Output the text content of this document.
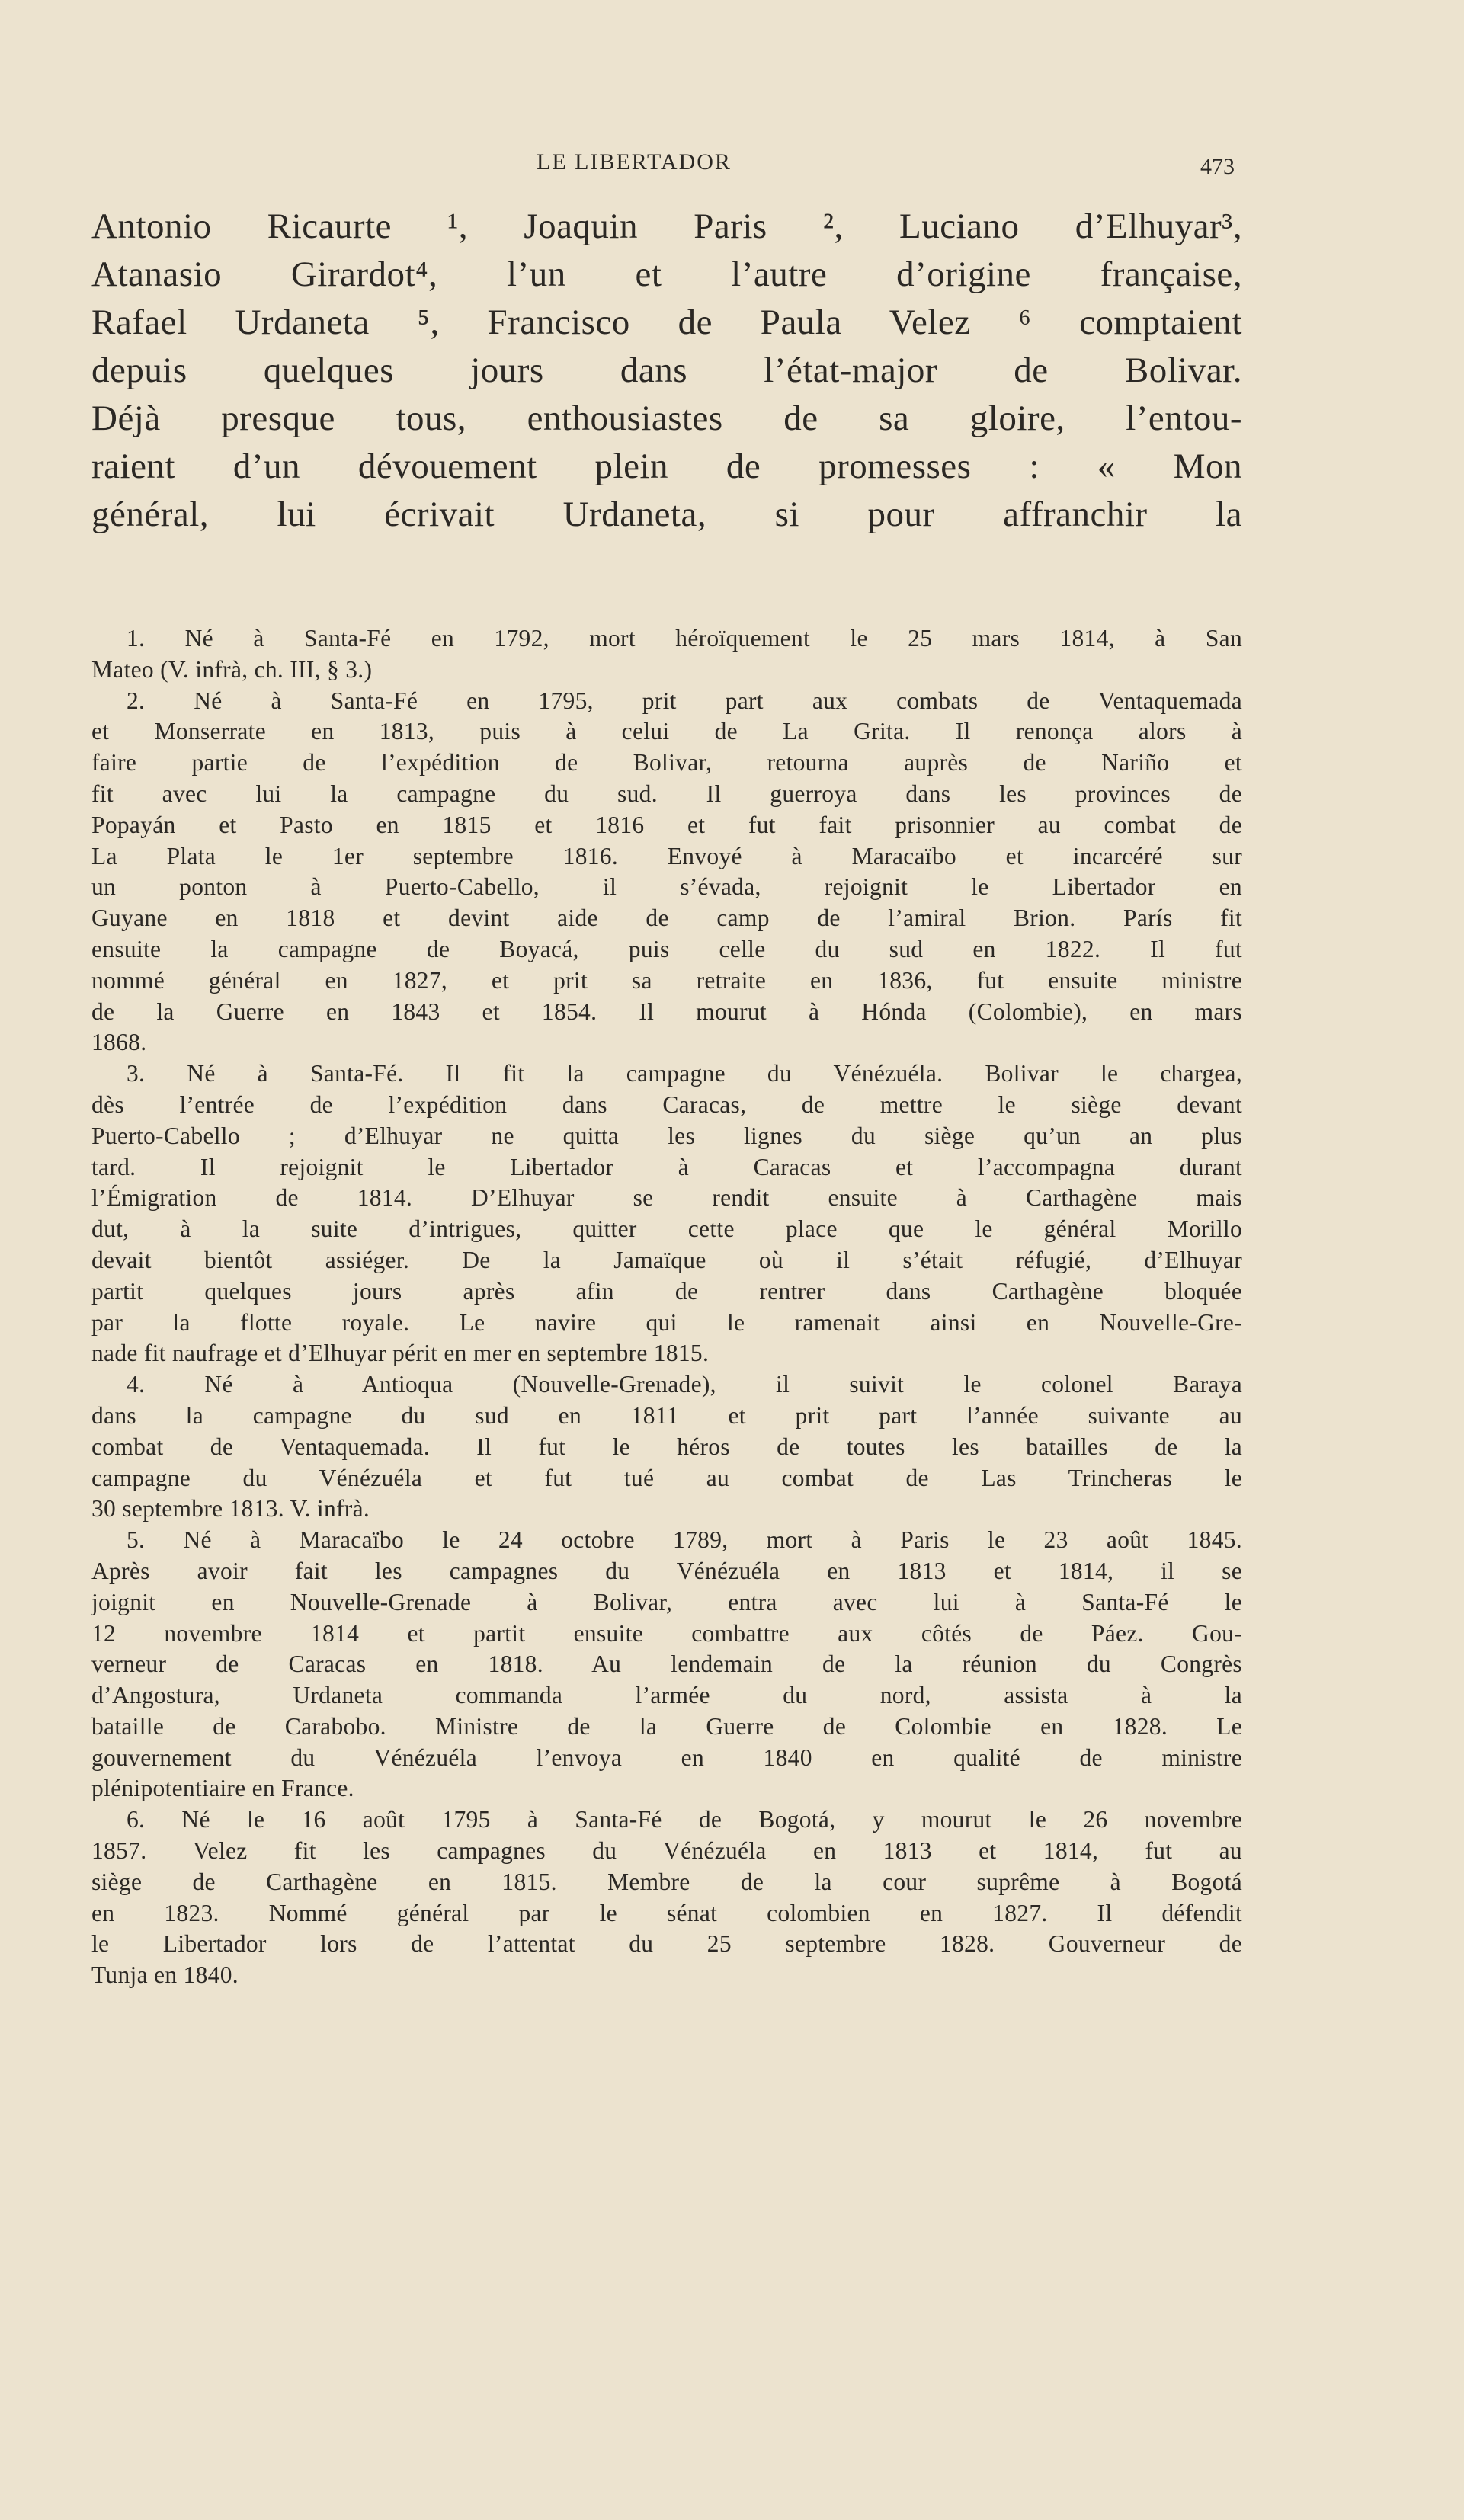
LE LIBERTADOR	473
Antonio Ricaurte ¹, Joaquin Paris ², Luciano d’Elhuyar³,
Atanasio Girardot⁴, l’un et l’autre d’origine française,
Rafael Urdaneta ⁵, Francisco de Paula Velez ⁶ comptaient
depuis quelques jours dans l’état-major de Bolivar.
Déjà presque tous, enthousiastes de sa gloire, l’entou-
raient d’un dévouement plein de promesses : « Mon
général, lui écrivait Urdaneta, si pour affranchir la
1. Né à Santa-Fé en 1792, mort héroïquement le 25 mars 1814, à San
Mateo (V. infrà, ch. III, § 3.)
2. Né à Santa-Fé en 1795, prit part aux combats de Ventaquemada
et Monserrate en 1813, puis à celui de La Grita. Il renonça alors à
faire partie de l’expédition de Bolivar, retourna auprès de Nariño et
fit avec lui la campagne du sud. Il guerroya dans les provinces de
Popayán et Pasto en 1815 et 1816 et fut fait prisonnier au combat de
La Plata le 1er septembre 1816. Envoyé à Maracaïbo et incarcéré sur
un ponton à Puerto-Cabello, il s’évada, rejoignit le Libertador en
Guyane en 1818 et devint aide de camp de l’amiral Brion. París fit
ensuite la campagne de Boyacá, puis celle du sud en 1822. Il fut
nommé général en 1827, et prit sa retraite en 1836, fut ensuite ministre
de la Guerre en 1843 et 1854. Il mourut à Hónda (Colombie), en mars
1868.
3. Né à Santa-Fé. Il fit la campagne du Vénézuéla. Bolivar le chargea,
dès l’entrée de l’expédition dans Caracas, de mettre le siège devant
Puerto-Cabello ; d’Elhuyar ne quitta les lignes du siège qu’un an plus
tard. Il rejoignit le Libertador à Caracas et l’accompagna durant
l’Émigration de 1814. D’Elhuyar se rendit ensuite à Carthagène mais
dut, à la suite d’intrigues, quitter cette place que le général Morillo
devait bientôt assiéger. De la Jamaïque où il s’était réfugié, d’Elhuyar
partit quelques jours après afin de rentrer dans Carthagène bloquée
par la flotte royale. Le navire qui le ramenait ainsi en Nouvelle-Gre-
nade fit naufrage et d’Elhuyar périt en mer en septembre 1815.
4. Né à Antioqua (Nouvelle-Grenade), il suivit le colonel Baraya
dans la campagne du sud en 1811 et prit part l’année suivante au
combat de Ventaquemada. Il fut le héros de toutes les batailles de la
campagne du Vénézuéla et fut tué au combat de Las Trincheras le
30 septembre 1813. V. infrà.
5. Né à Maracaïbo le 24 octobre 1789, mort à Paris le 23 août 1845.
Après avoir fait les campagnes du Vénézuéla en 1813 et 1814, il se
joignit en Nouvelle-Grenade à Bolivar, entra avec lui à Santa-Fé le
12 novembre 1814 et partit ensuite combattre aux côtés de Páez. Gou-
verneur de Caracas en 1818. Au lendemain de la réunion du Congrès
d’Angostura, Urdaneta commanda l’armée du nord, assista à la
bataille de Carabobo. Ministre de la Guerre de Colombie en 1828. Le
gouvernement du Vénézuéla l’envoya en 1840 en qualité de ministre
plénipotentiaire en France.
6. Né le 16 août 1795 à Santa-Fé de Bogotá, y mourut le 26 novembre
1857. Velez fit les campagnes du Vénézuéla en 1813 et 1814, fut au
siège de Carthagène en 1815. Membre de la cour suprême à Bogotá
en 1823. Nommé général par le sénat colombien en 1827. Il défendit
le Libertador lors de l’attentat du 25 septembre 1828. Gouverneur de
Tunja en 1840.
